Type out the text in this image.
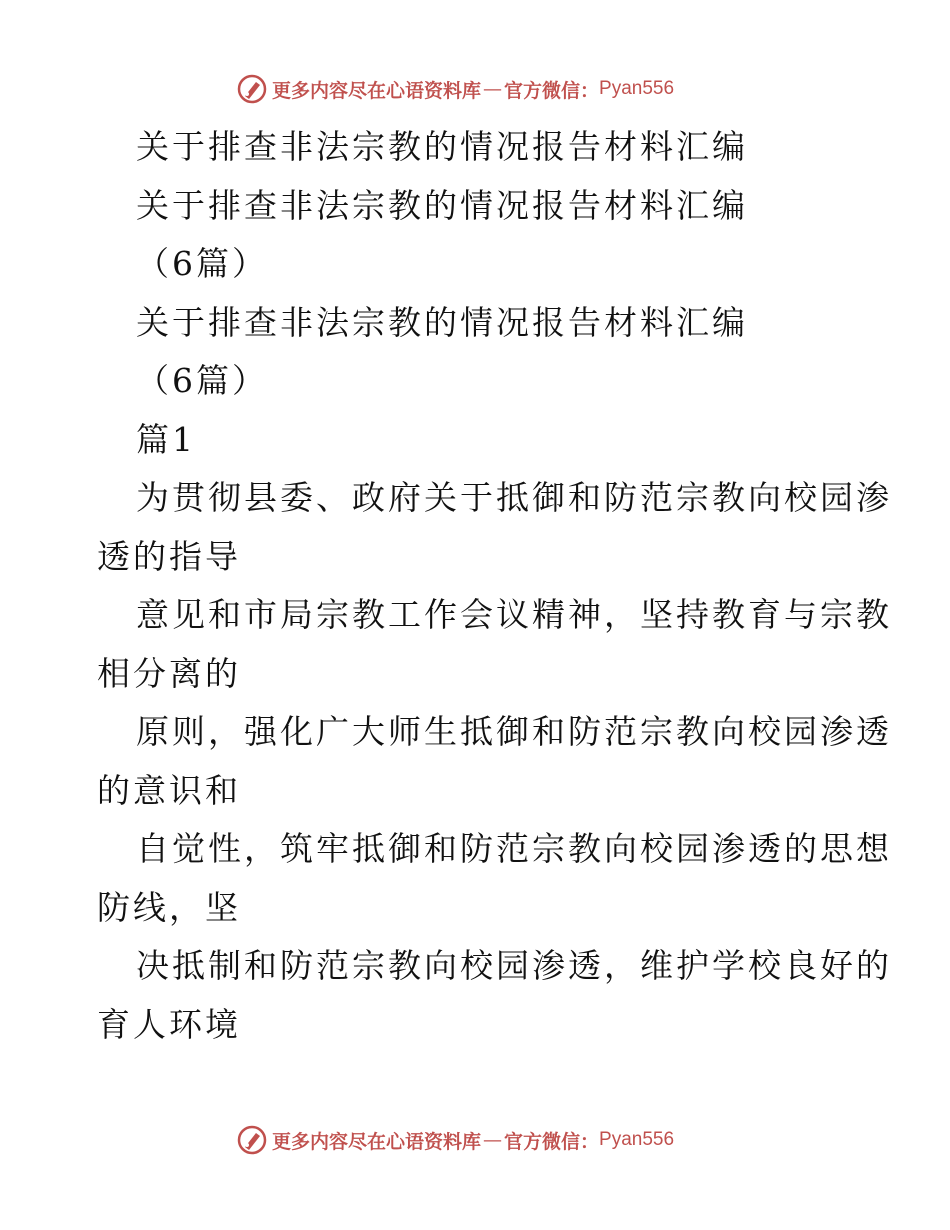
更多内容尽在心语资料库 — 官方微信： Pyan556
关于排查非法宗教的情况报告材料汇编
关于排查非法宗教的情况报告材料汇编
（6篇）
关于排查非法宗教的情况报告材料汇编
（6篇）
篇1
为贯彻县委、政府关于抵御和防范宗教向校园渗
透的指导
意见和市局宗教工作会议精神，坚持教育与宗教
相分离的
原则，强化广大师生抵御和防范宗教向校园渗透
的意识和
自觉性，筑牢抵御和防范宗教向校园渗透的思想
防线，坚
决抵制和防范宗教向校园渗透，维护学校良好的
育人环境
更多内容尽在心语资料库 — 官方微信： Pyan556
